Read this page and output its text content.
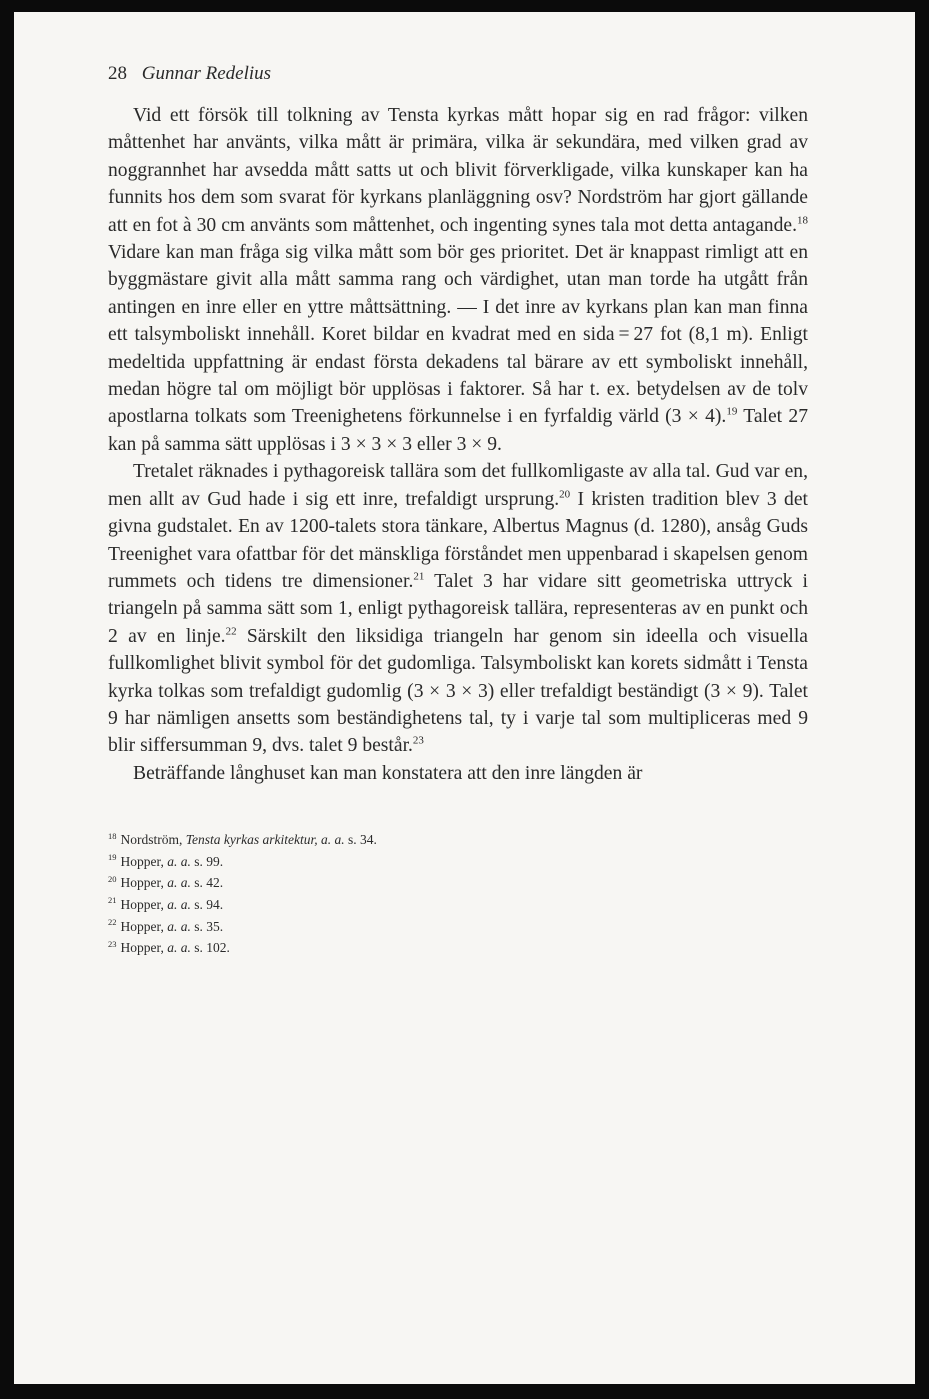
28 Gunnar Redelius

Vid ett försök till tolkning av Tensta kyrkas mått hopar sig en rad frågor: vilken måttenhet har använts, vilka mått är primära, vilka är sekundära, med vilken grad av noggrannhet har avsedda mått satts ut och blivit förverkligade, vilka kunskaper kan ha funnits hos dem som svarat för kyrkans planläggning osv? Nordström har gjort gällande att en fot à 30 cm använts som måttenhet, och ingenting synes tala mot detta antagande.$^{18}$ Vidare kan man fråga sig vilka mått som bör ges prioritet. Det är knappast rimligt att en byggmästare givit alla mått samma rang och värdighet, utan man torde ha utgått från antingen en inre eller en yttre måttsättning. — I det inre av kyrkans plan kan man finna ett talsymboliskt innehåll. Koret bildar en kvadrat med en sida = 27 fot (8,1 m). Enligt medeltida uppfattning är endast första dekadens tal bärare av ett symboliskt innehåll, medan högre tal om möjligt bör upplösas i faktorer. Så har t. ex. betydelsen av de tolv apostlarna tolkats som Treenighetens förkunnelse i en fyrfaldig värld (3 × 4).$^{19}$ Talet 27 kan på samma sätt upplösas i 3 × 3 × 3 eller 3 × 9.

Tretalet räknades i pythagoreisk tallära som det fullkomligaste av alla tal. Gud var en, men allt av Gud hade i sig ett inre, trefaldigt ursprung.$^{20}$ I kristen tradition blev 3 det givna gudstalet. En av 1200-talets stora tänkare, Albertus Magnus (d. 1280), ansåg Guds Treenighet vara ofattbar för det mänskliga förståndet men uppenbarad i skapelsen genom rummets och tidens tre dimensioner.$^{21}$ Talet 3 har vidare sitt geometriska uttryck i triangeln på samma sätt som 1, enligt pythagoreisk tallära, representeras av en punkt och 2 av en linje.$^{22}$ Särskilt den liksidiga triangeln har genom sin ideella och visuella fullkomlighet blivit symbol för det gudomliga. Talsymboliskt kan korets sidmått i Tensta kyrka tolkas som trefaldigt gudomlig (3 × 3 × 3) eller trefaldigt beständigt (3 × 9). Talet 9 har nämligen ansetts som beständighetens tal, ty i varje tal som multipliceras med 9 blir siffersumman 9, dvs. talet 9 består.$^{23}$

Beträffande långhuset kan man konstatera att den inre längden är

$^{18}$ Nordström, Tensta kyrkas arkitektur, a. a. s. 34.

$^{19}$ Hopper, a. a. s. 99.

$^{20}$ Hopper, a. a. s. 42.

$^{21}$ Hopper, a. a. s. 94.

$^{22}$ Hopper, a. a. s. 35.

$^{23}$ Hopper, a. a. s. 102.
